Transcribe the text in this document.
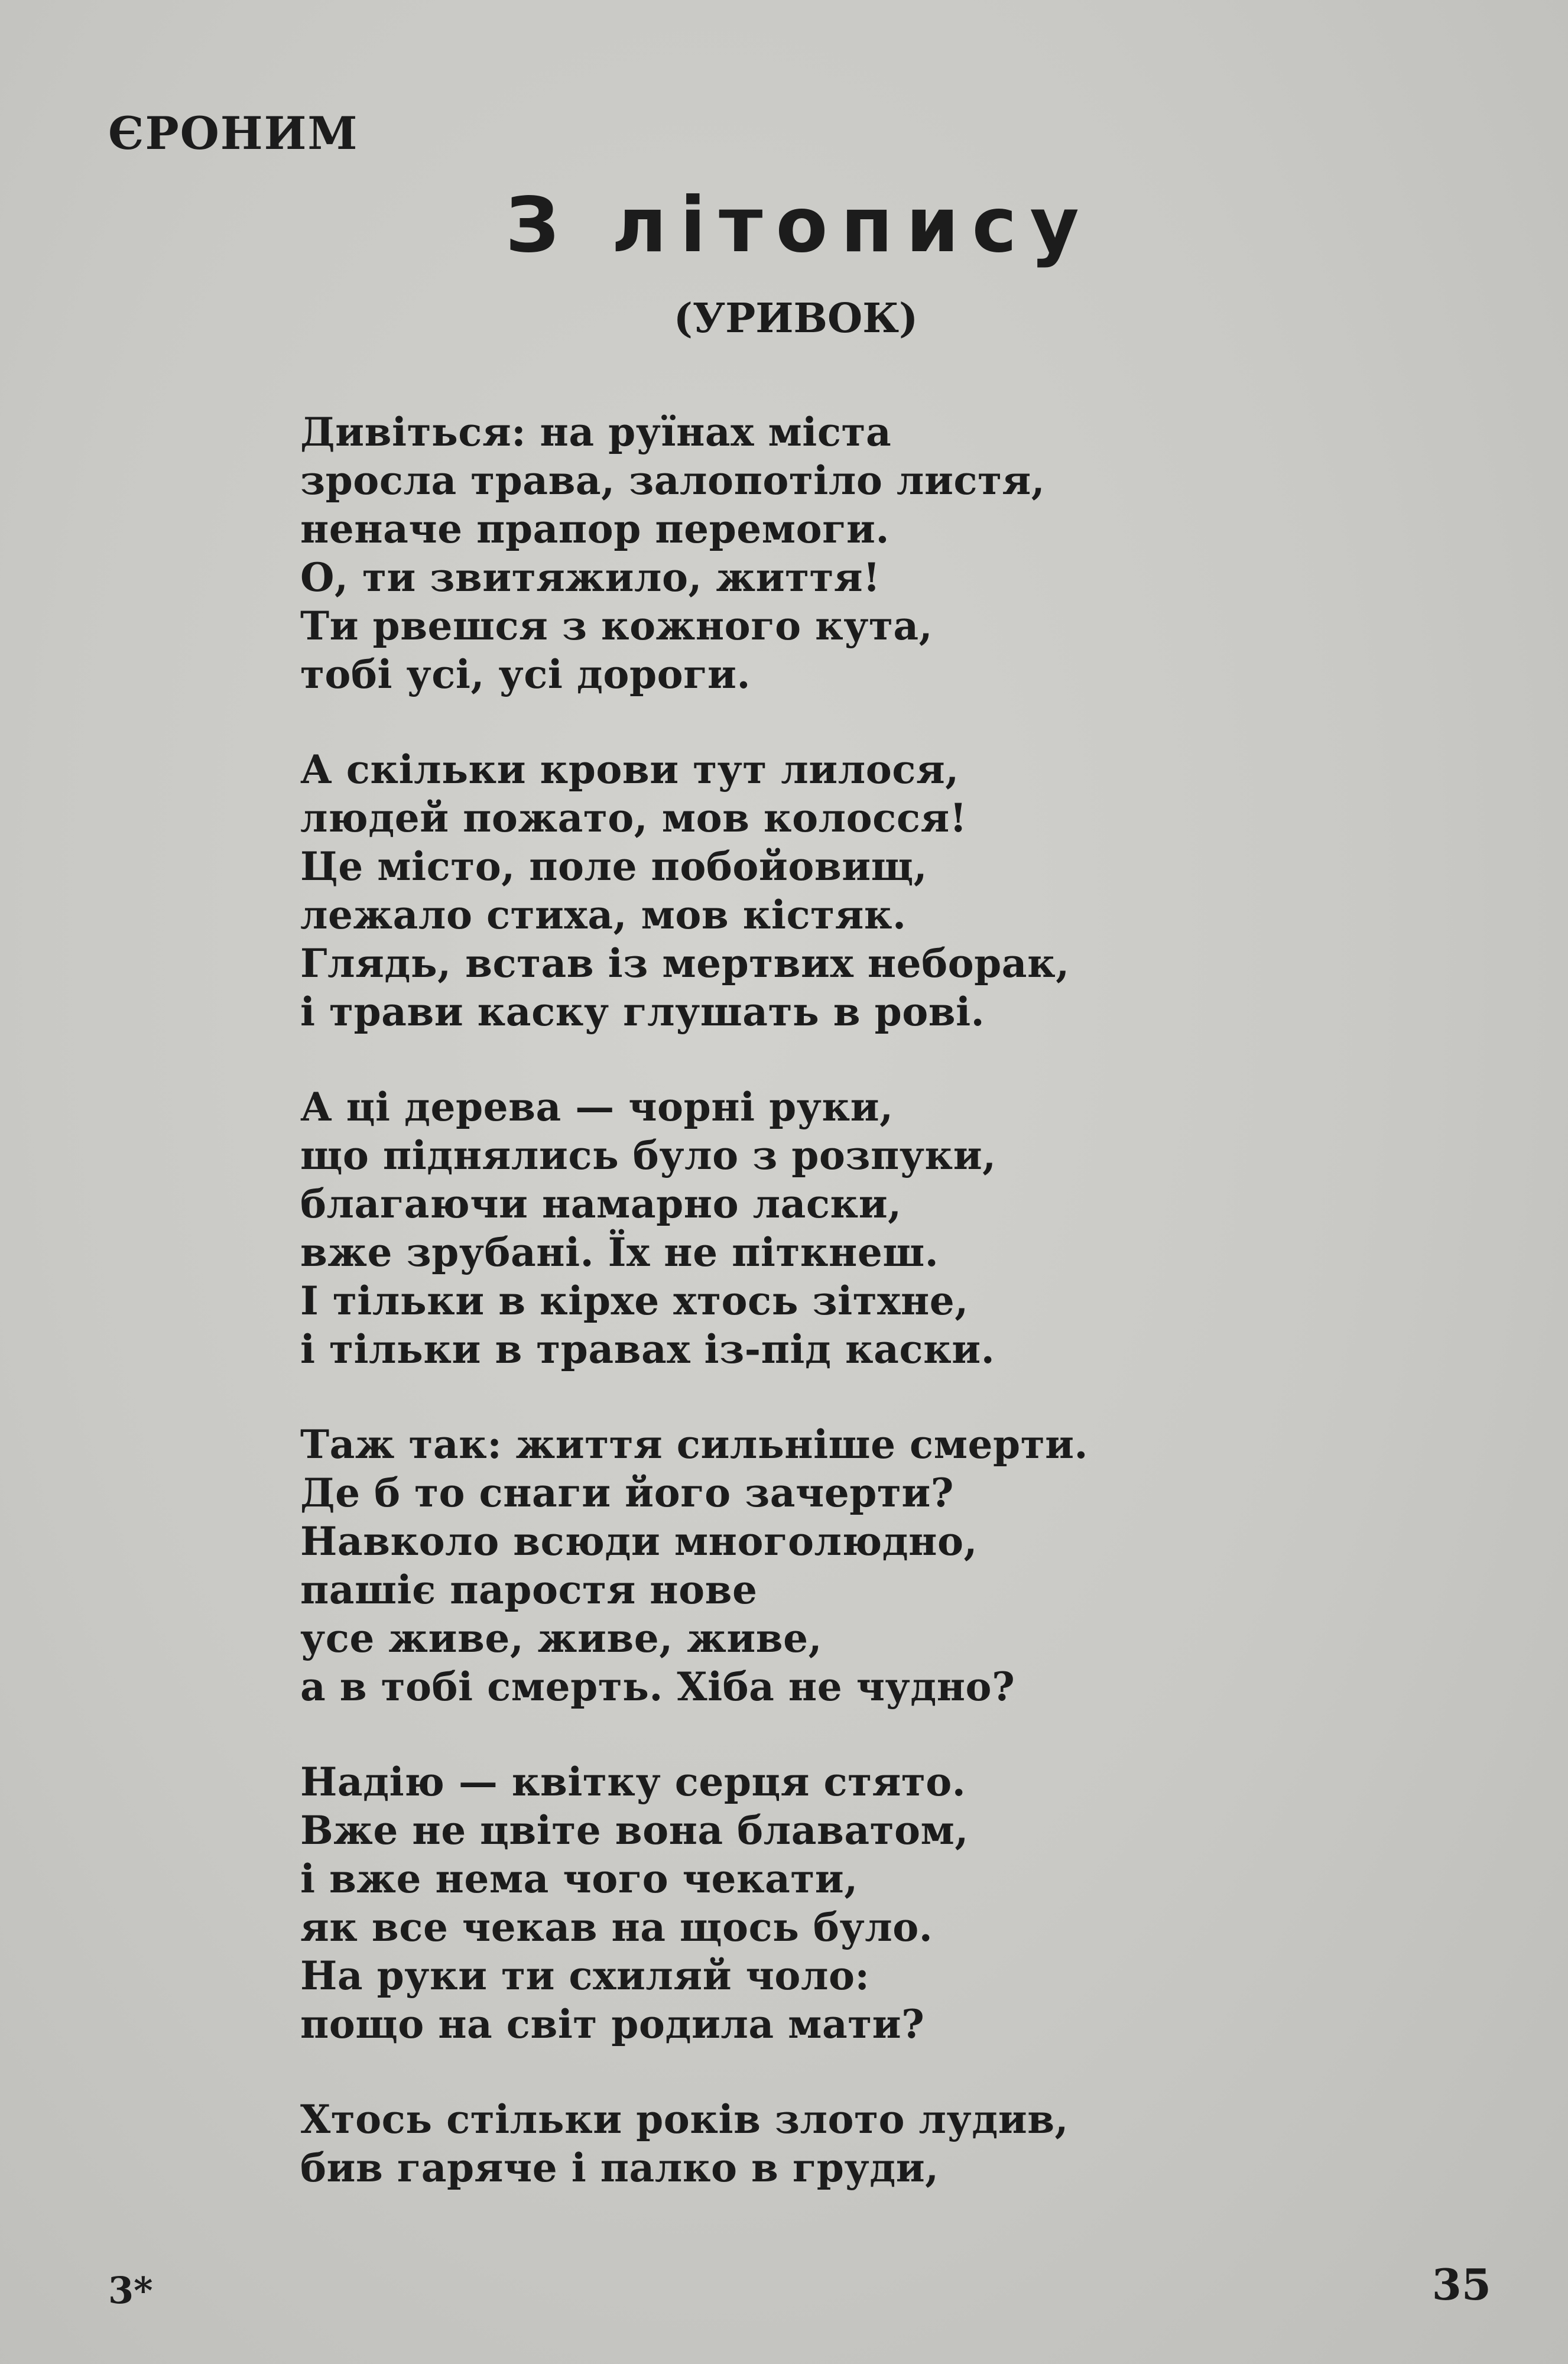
ЄРОНИМ
З літопису
(УРИВОК)
Дивіться: на руїнах міста
зросла трава, залопотіло листя,
неначе прапор перемоги.
О, ти звитяжило, життя!
Ти рвешся з кожного кута,
тобі усі, усі дороги.
А скільки крови тут лилося,
людей пожато, мов колосся!
Це місто, поле побойовищ,
лежало стиха, мов кістяк.
Глядь, встав із мертвих неборак,
і трави каску глушать в рові.
А ці дерева — чорні руки,
що піднялись було з розпуки,
благаючи намарно ласки,
вже зрубані. Їх не піткнеш.
І тільки в кірхе хтось зітхне,
і тільки в травах із-під каски.
Таж так: життя сильніше смерти.
Де б то снаги його зачерти?
Навколо всюди многолюдно,
пашіє паростя нове
усе живе, живе, живе,
а в тобі смерть. Хіба не чудно?
Надію — квітку серця стято.
Вже не цвіте вона блаватом,
і вже нема чого чекати,
як все чекав на щось було.
На руки ти схиляй чоло:
пощо на світ родила мати?
Хтось стільки років злото лудив,
бив гаряче і палко в груди,
3*	35
